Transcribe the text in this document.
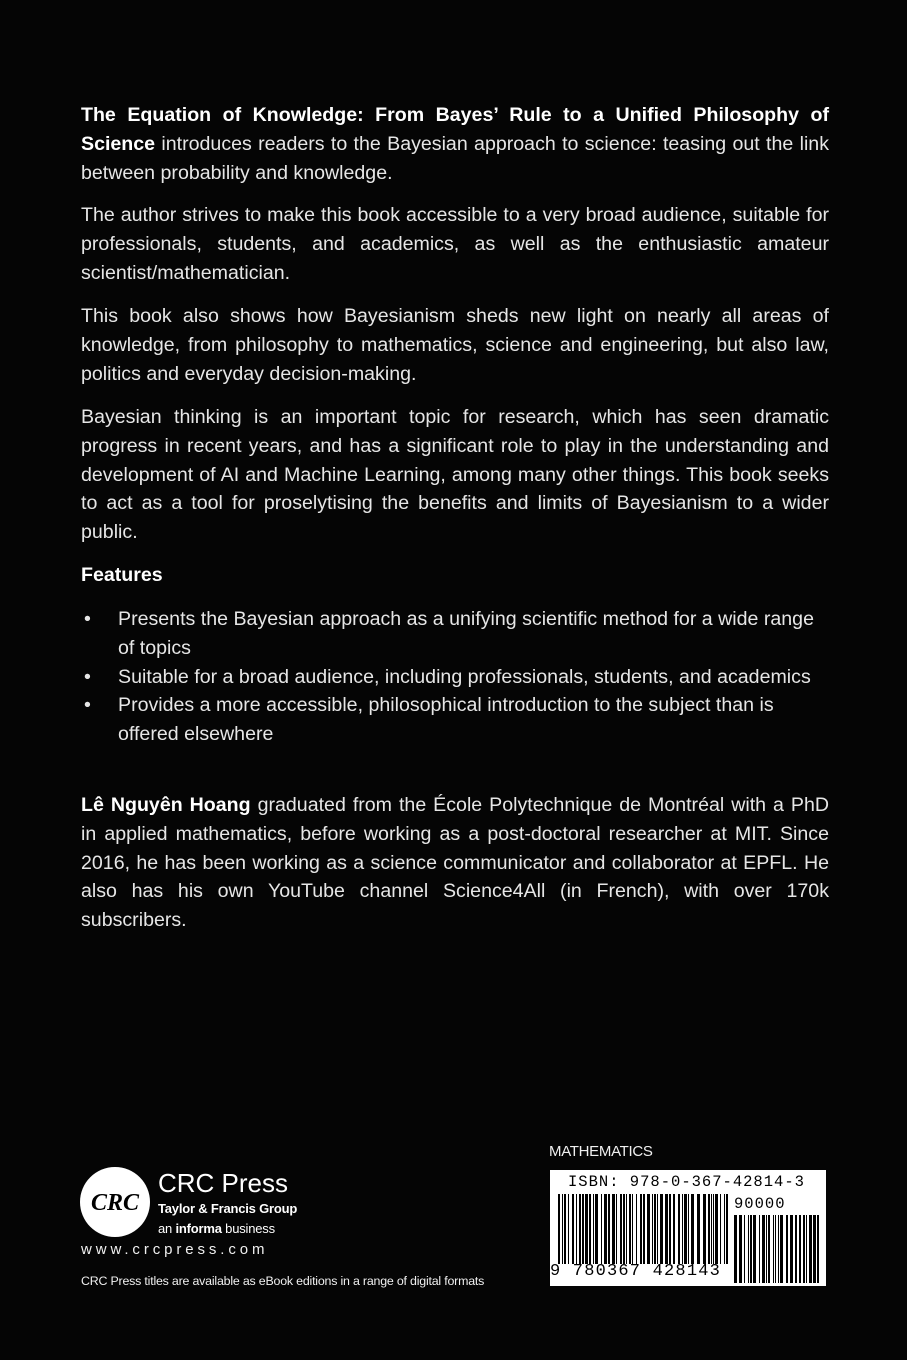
The Equation of Knowledge: From Bayes’ Rule to a Unified Philosophy of Science introduces readers to the Bayesian approach to science: teasing out the link between probability and knowledge.

The author strives to make this book accessible to a very broad audience, suitable for professionals, students, and academics, as well as the enthusiastic amateur scientist/mathematician.

This book also shows how Bayesianism sheds new light on nearly all areas of knowledge, from philosophy to mathematics, science and engineering, but also law, politics and everyday decision-making.

Bayesian thinking is an important topic for research, which has seen dramatic progress in recent years, and has a significant role to play in the understanding and development of AI and Machine Learning, among many other things. This book seeks to act as a tool for proselytising the benefits and limits of Bayesianism to a wider public.

Features
• Presents the Bayesian approach as a unifying scientific method for a wide range of topics
• Suitable for a broad audience, including professionals, students, and academics
• Provides a more accessible, philosophical introduction to the subject than is offered elsewhere

Lê Nguyên Hoang graduated from the École Polytechnique de Montréal with a PhD in applied mathematics, before working as a post-doctoral researcher at MIT. Since 2016, he has been working as a science communicator and collaborator at EPFL. He also has his own YouTube channel Science4All (in French), with over 170k subscribers.

CRC
CRC Press
Taylor & Francis Group
an informa business
www.crcpress.com
CRC Press titles are available as eBook editions in a range of digital formats
MATHEMATICS
ISBN: 978-0-367-42814-3
90000
9 780367 428143
